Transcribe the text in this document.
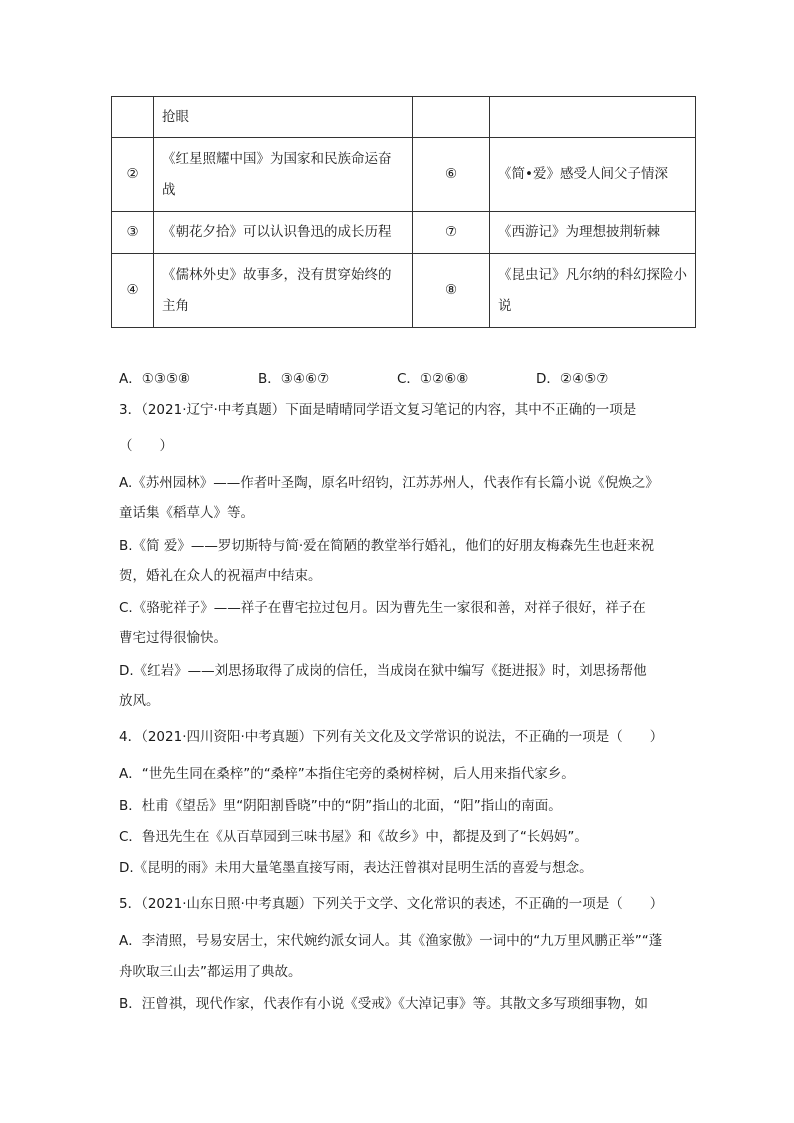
	抢眼		
②	《红星照耀中国》为国家和民族命运奋战	⑥	《简•爱》感受人间父子情深
③	《朝花夕拾》可以认识鲁迅的成长历程	⑦	《西游记》为理想披荆斩棘
④	《儒林外史》故事多，没有贯穿始终的主角	⑧	《昆虫记》凡尔纳的科幻探险小说
A．①③⑤⑧	B．③④⑥⑦	C．①②⑥⑧	D．②④⑤⑦
3．（2021·辽宁·中考真题）下面是晴晴同学语文复习笔记的内容，其中不正确的一项是
（　　）
A.《苏州园林》——作者叶圣陶，原名叶绍钧，江苏苏州人，代表作有长篇小说《倪焕之》
童话集《稻草人》等。
B.《简 爱》——罗切斯特与简·爱在简陋的教堂举行婚礼，他们的好朋友梅森先生也赶来祝
贺，婚礼在众人的祝福声中结束。
C.《骆驼祥子》——祥子在曹宅拉过包月。因为曹先生一家很和善，对祥子很好，祥子在
曹宅过得很愉快。
D.《红岩》——刘思扬取得了成岗的信任，当成岗在狱中编写《挺进报》时，刘思扬帮他
放风。
4．（2021·四川资阳·中考真题）下列有关文化及文学常识的说法，不正确的一项是（　　）
A．“世先生同在桑梓”的“桑梓”本指住宅旁的桑树梓树，后人用来指代家乡。
B．杜甫《望岳》里“阴阳割昏晓”中的“阴”指山的北面，“阳”指山的南面。
C．鲁迅先生在《从百草园到三味书屋》和《故乡》中，都提及到了“长妈妈”。
D.《昆明的雨》未用大量笔墨直接写雨，表达汪曾祺对昆明生活的喜爱与想念。
5．（2021·山东日照·中考真题）下列关于文学、文化常识的表述，不正确的一项是（　　）
A．李清照，号易安居士，宋代婉约派女词人。其《渔家傲》一词中的“九万里风鹏正举”“蓬
舟吹取三山去”都运用了典故。
B．汪曾祺，现代作家，代表作有小说《受戒》《大淖记事》等。其散文多写琐细事物，如
